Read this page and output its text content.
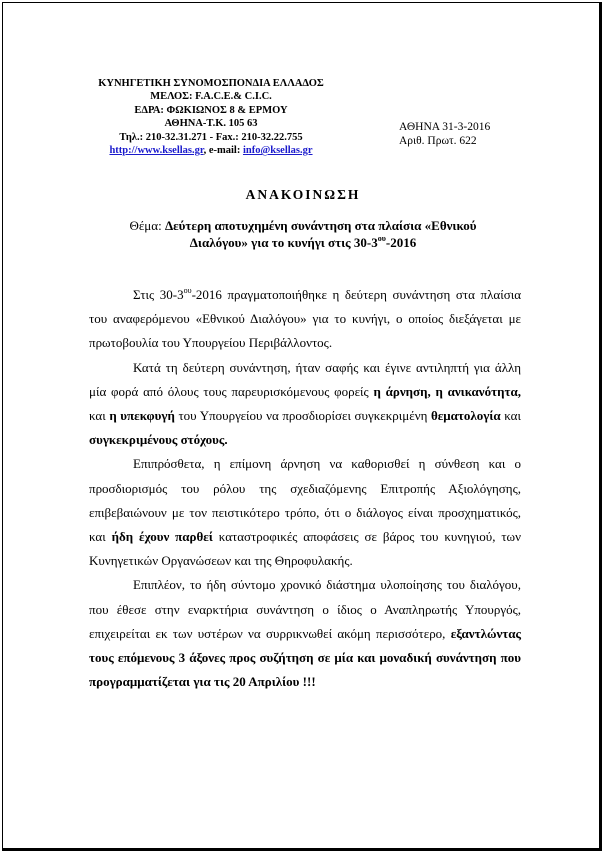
ΚΥΝΗΓΕΤΙΚΗ ΣΥΝΟΜΟΣΠΟΝΔΙΑ ΕΛΛΑΔΟΣ
ΜΕΛΟΣ: F.A.C.E.& C.I.C.
ΕΔΡΑ: ΦΩΚΙΩΝΟΣ 8 & ΕΡΜΟΥ
ΑΘΗΝΑ-Τ.Κ. 105 63
Τηλ.: 210-32.31.271 - Fax.: 210-32.22.755
http://www.ksellas.gr, e-mail: info@ksellas.gr
ΑΘΗΝΑ 31-3-2016
Αριθ. Πρωτ. 622
ΑΝΑΚΟΙΝΩΣΗ
Θέμα: Δεύτερη αποτυχημένη συνάντηση στα πλαίσια «Εθνικού Διαλόγου» για το κυνήγι στις $30-3^{o\upsilon}-2016$

Στις $30-3^{o\upsilon}-2016$ πραγματοποιήθηκε η δεύτερη συνάντηση στα πλαίσια του αναφερόμενου «Εθνικού Διαλόγου» για το κυνήγι, ο οποίος διεξάγεται με πρωτοβουλία του Υπουργείου Περιβάλλοντος.

Κατά τη δεύτερη συνάντηση, ήταν σαφής και έγινε αντιληπτή για άλλη μία φορά από όλους τους παρευρισκόμενους φορείς η άρνηση, η ανικανότητα, και η υπεκφυγή του Υπουργείου να προσδιορίσει συγκεκριμένη θεματολογία και συγκεκριμένους στόχους.

Επιπρόσθετα, η επίμονη άρνηση να καθορισθεί η σύνθεση και ο προσδιορισμός του ρόλου της σχεδιαζόμενης Επιτροπής Αξιολόγησης, επιβεβαιώνουν με τον πειστικότερο τρόπο, ότι ο διάλογος είναι προσχηματικός, και ήδη έχουν παρθεί καταστροφικές αποφάσεις σε βάρος του κυνηγιού, των Κυνηγετικών Οργανώσεων και της Θηροφυλακής.

Επιπλέον, το ήδη σύντομο χρονικό διάστημα υλοποίησης του διαλόγου, που έθεσε στην εναρκτήρια συνάντηση ο ίδιος ο Αναπληρωτής Υπουργός, επιχειρείται εκ των υστέρων να συρρικνωθεί ακόμη περισσότερο, εξαντλώντας τους επόμενους 3 άξονες προς συζήτηση σε μία και μοναδική συνάντηση που προγραμματίζεται για τις 20 Απριλίου !!!
